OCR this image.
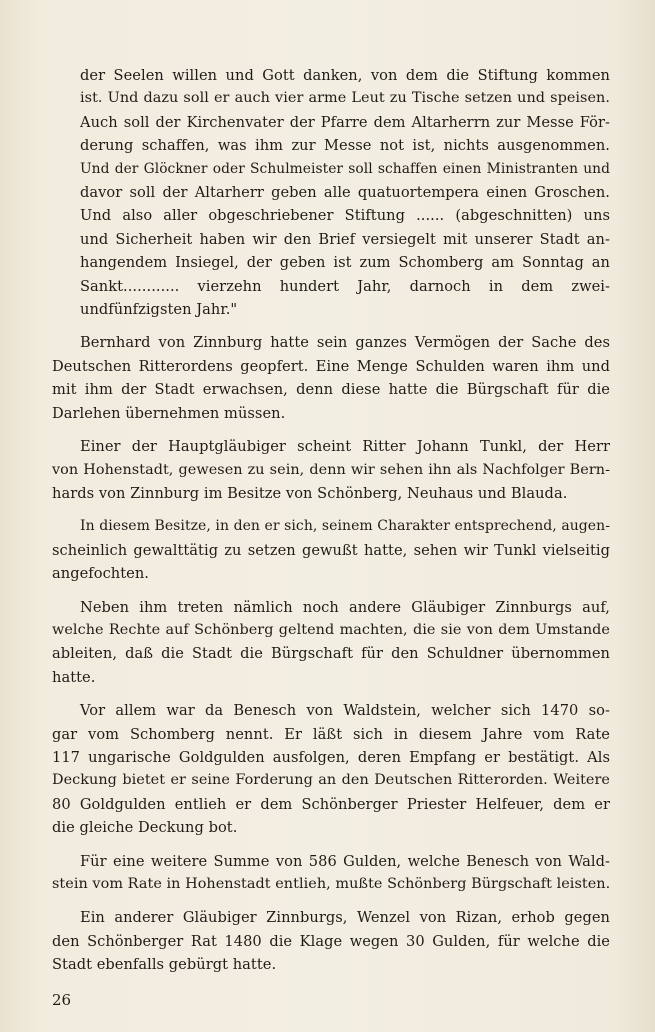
der Seelen willen und Gott danken, von dem die Stiftung kommen
ist. Und dazu soll er auch vier arme Leut zu Tische setzen und speisen.
Auch soll der Kirchenvater der Pfarre dem Altarherrn zur Messe För-
derung schaffen, was ihm zur Messe not ist, nichts ausgenommen.
Und der Glöckner oder Schulmeister soll schaffen einen Ministranten und
davor soll der Altarherr geben alle quatuortempera einen Groschen.
Und also aller obgeschriebener Stiftung ...... (abgeschnitten) uns
und Sicherheit haben wir den Brief versiegelt mit unserer Stadt an-
hangendem Insiegel, der geben ist zum Schomberg am Sonntag an
Sankt............ vierzehn hundert Jahr, darnoch in dem zwei-
undfünfzigsten Jahr."
Bernhard von Zinnburg hatte sein ganzes Vermögen der Sache des
Deutschen Ritterordens geopfert. Eine Menge Schulden waren ihm und
mit ihm der Stadt erwachsen, denn diese hatte die Bürgschaft für die
Darlehen übernehmen müssen.
Einer der Hauptgläubiger scheint Ritter Johann Tunkl, der Herr
von Hohenstadt, gewesen zu sein, denn wir sehen ihn als Nachfolger Bern-
hards von Zinnburg im Besitze von Schönberg, Neuhaus und Blauda.
In diesem Besitze, in den er sich, seinem Charakter entsprechend, augen-
scheinlich gewalttätig zu setzen gewußt hatte, sehen wir Tunkl vielseitig
angefochten.
Neben ihm treten nämlich noch andere Gläubiger Zinnburgs auf,
welche Rechte auf Schönberg geltend machten, die sie von dem Umstande
ableiten, daß die Stadt die Bürgschaft für den Schuldner übernommen
hatte.
Vor allem war da Benesch von Waldstein, welcher sich 1470 so-
gar vom Schomberg nennt. Er läßt sich in diesem Jahre vom Rate
117 ungarische Goldgulden ausfolgen, deren Empfang er bestätigt. Als
Deckung bietet er seine Forderung an den Deutschen Ritterorden. Weitere
80 Goldgulden entlieh er dem Schönberger Priester Helfeuer, dem er
die gleiche Deckung bot.
Für eine weitere Summe von 586 Gulden, welche Benesch von Wald-
stein vom Rate in Hohenstadt entlieh, mußte Schönberg Bürgschaft leisten.
Ein anderer Gläubiger Zinnburgs, Wenzel von Rizan, erhob gegen
den Schönberger Rat 1480 die Klage wegen 30 Gulden, für welche die
Stadt ebenfalls gebürgt hatte.
26
